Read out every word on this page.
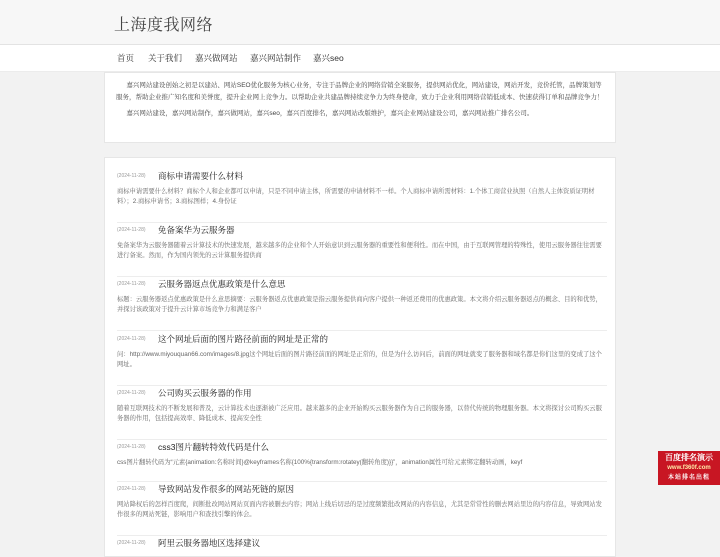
上海度我网络
首页 关于我们 嘉兴做网站 嘉兴网站制作 嘉兴seo

嘉兴网站建设创始之初是以建站、网站SEO优化服务为核心业务，专注于品牌企业的网络营销全案服务，提供网站优化，网站建设，网站开发，竞价托管，品牌策划等服务，帮助企业推广知名度和美誉度，提升企业网上竞争力。以帮助企业共建品牌持续竞争力为终身使命，致力于企业利用网络营销低成本、快速获得订单和品牌竞争力！

嘉兴网站建设，嘉兴网站制作，嘉兴做网站，嘉兴seo，嘉兴百度排名，嘉兴网站改版维护，嘉兴企业网站建设公司，嘉兴网站推广排名公司。

(2024-11-28) 商标申请需要什么材料
商标申请需要什么材料？商标个人和企业都可以申请，只是不同申请主体，所需要的申请材料不一样。个人商标申请所需材料：1.个体工商营业执照（自然人主体资质证明材料）；2.商标申请书；3.商标图样；4.身份证
(2024-11-28) 免备案华为云服务器
免备案华为云服务器随着云计算技术的快速发展，越来越多的企业和个人开始意识到云服务器的重要性和便利性。而在中国，由于互联网管理的特殊性，使用云服务器往往需要进行备案。然而，作为国内领先的云计算服务提供商
(2024-11-28) 云服务器返点优惠政策是什么意思
标题：云服务器返点优惠政策是什么意思摘要：云服务器返点优惠政策是指云服务提供商向客户提供一种返还费用的优惠政策。本文将介绍云服务器返点的概念、目的和优势，并探讨该政策对于提升云计算市场竞争力和满足客户
(2024-11-28) 这个网址后面的图片路径前面的网址是正常的
问：http://www.miyouquan66.com/images/8.jpg这个网址后面的图片路径前面的网址是正常的，但是为什么访问后，前面的网址就变了服务器和域名都是你们这里的变成了这个网址。
(2024-11-28) 公司购买云服务器的作用
随着互联网技术的不断发展和普及，云计算技术也逐渐被广泛应用。越来越多的企业开始购买云服务器作为自己的服务器，以替代传统的物理服务器。本文将探讨公司购买云服务器的作用，包括提高效率、降低成本、提高安全性
(2024-11-28) css3图片翻转特效代码是什么
css图片翻转代码为“元素{animation:名称时间}@keyframes名称{100%{transform:rotatey(翻转角度)}}”，animation属性可给元素绑定翻转动画，keyf
(2024-11-28) 导致网站发作很多的网站死链的原因
网站降权后的怎样百度爬，间断批改网站网站页面内容被删去内容；网站上线后切忌的是过度频繁批改网站的内容信息，尤其是常常性的删去网站里边的内容信息，导致网站发作很多的网站死链，影响用户和查找引擎的体会。
(2024-11-28) 阿里云服务器地区选择建议
百度排名演示
www.f360f.com
本站排名出租
